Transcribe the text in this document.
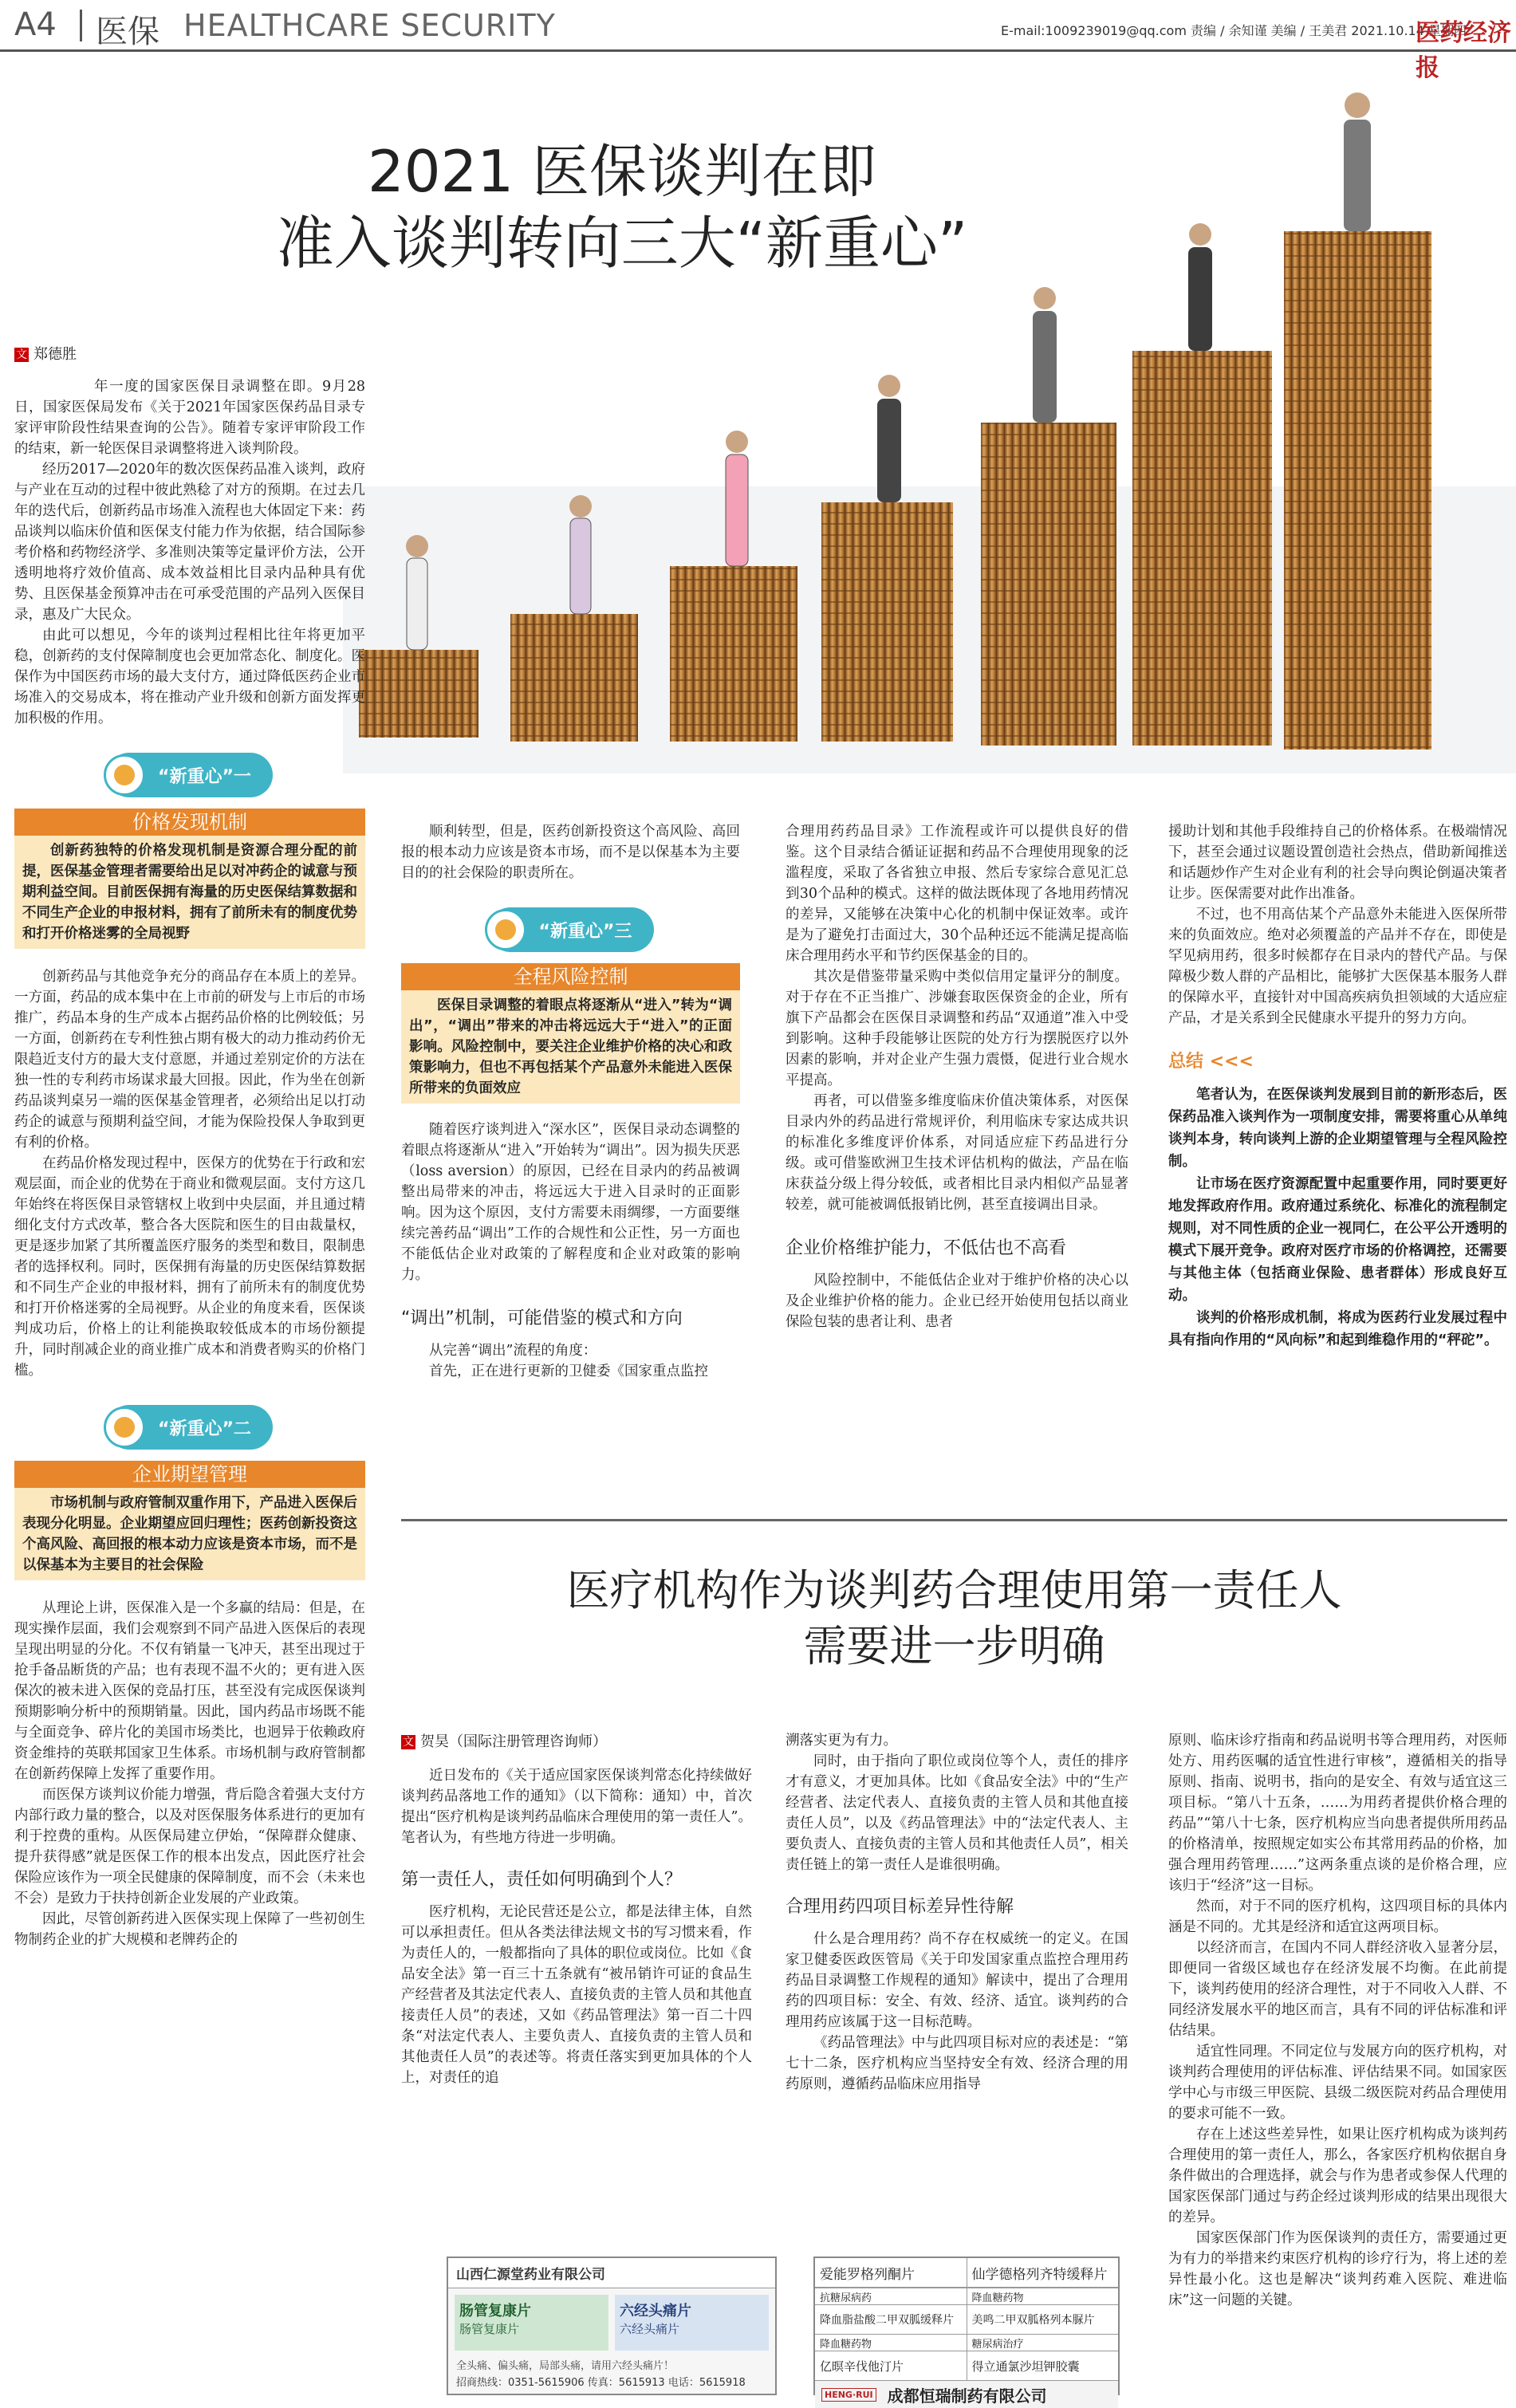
A4 医保 HEALTHCARE SECURITY	E-mail:1009239019@qq.com 责编 / 余知谨 美编 / 王美君 2021.10.14 星期四
医药经济报
2021 医保谈判在即
准入谈判转向三大“新重心”
文 郑德胜

年一度的国家医保目录调整在即。9月28日，国家医保局发布《关于2021年国家医保药品目录专家评审阶段性结果查询的公告》。随着专家评审阶段工作的结束，新一轮医保目录调整将进入谈判阶段。

经历2017—2020年的数次医保药品准入谈判，政府与产业在互动的过程中彼此熟稔了对方的预期。在过去几年的迭代后，创新药品市场准入流程也大体固定下来：药品谈判以临床价值和医保支付能力作为依据，结合国际参考价格和药物经济学、多准则决策等定量评价方法，公开透明地将疗效价值高、成本效益相比目录内品种具有优势、且医保基金预算冲击在可承受范围的产品列入医保目录，惠及广大民众。

由此可以想见，今年的谈判过程相比往年将更加平稳，创新药的支付保障制度也会更加常态化、制度化。医保作为中国医药市场的最大支付方，通过降低医药企业市场准入的交易成本，将在推动产业升级和创新方面发挥更加积极的作用。

“新重心”一
价格发现机制
创新药独特的价格发现机制是资源合理分配的前提，医保基金管理者需要给出足以对冲药企的诚意与预期利益空间。目前医保拥有海量的历史医保结算数据和不同生产企业的申报材料，拥有了前所未有的制度优势和打开价格迷雾的全局视野

创新药品与其他竞争充分的商品存在本质上的差异。一方面，药品的成本集中在上市前的研发与上市后的市场推广，药品本身的生产成本占据药品价格的比例较低；另一方面，创新药在专利性独占期有极大的动力推动药价无限趋近支付方的最大支付意愿，并通过差别定价的方法在独一性的专利药市场谋求最大回报。因此，作为坐在创新药品谈判桌另一端的医保基金管理者，必须给出足以打动药企的诚意与预期利益空间，才能为保险投保人争取到更有利的价格。

在药品价格发现过程中，医保方的优势在于行政和宏观层面，而企业的优势在于商业和微观层面。支付方这几年始终在将医保目录管辖权上收到中央层面，并且通过精细化支付方式改革，整合各大医院和医生的目由裁量权，更是逐步加紧了其所覆盖医疗服务的类型和数目，限制患者的选择权利。同时，医保拥有海量的历史医保结算数据和不同生产企业的申报材料，拥有了前所未有的制度优势和打开价格迷雾的全局视野。从企业的角度来看，医保谈判成功后，价格上的让利能换取较低成本的市场份额提升，同时削减企业的商业推广成本和消费者购买的价格门槛。

“新重心”二
企业期望管理
市场机制与政府管制双重作用下，产品进入医保后表现分化明显。企业期望应回归理性；医药创新投资这个高风险、高回报的根本动力应该是资本市场，而不是以保基本为主要目的社会保险

从理论上讲，医保准入是一个多赢的结局：但是，在现实操作层面，我们会观察到不同产品进入医保后的表现呈现出明显的分化。不仅有销量一飞冲天，甚至出现过于抢手备品断货的产品；也有表现不温不火的；更有进入医保次的被未进入医保的竞品打压，甚至没有完成医保谈判预期影响分析中的预期销量。因此，国内药品市场既不能与全面竞争、碎片化的美国市场类比，也迥异于依赖政府资金维持的英联邦国家卫生体系。市场机制与政府管制都在创新药保障上发挥了重要作用。

而医保方谈判议价能力增强，背后隐含着强大支付方内部行政力量的整合，以及对医保服务体系进行的更加有利于控费的重构。从医保局建立伊始，“保障群众健康、提升获得感”就是医保工作的根本出发点，因此医疗社会保险应该作为一项全民健康的保障制度，而不会（未来也不会）是致力于扶持创新企业发展的产业政策。

因此，尽管创新药进入医保实现上保障了一些初创生物制药企业的扩大规模和老牌药企的

顺利转型，但是，医药创新投资这个高风险、高回报的根本动力应该是资本市场，而不是以保基本为主要目的的社会保险的职责所在。

“新重心”三
全程风险控制
医保目录调整的着眼点将逐渐从“进入”转为“调出”，“调出”带来的冲击将远远大于“进入”的正面影响。风险控制中，要关注企业维护价格的决心和政策影响力，但也不再包括某个产品意外未能进入医保所带来的负面效应

随着医疗谈判进入“深水区”，医保目录动态调整的着眼点将逐渐从“进入”开始转为“调出”。因为损失厌恶（loss aversion）的原因，已经在目录内的药品被调整出局带来的冲击，将远远大于进入目录时的正面影响。因为这个原因，支付方需要未雨绸缪，一方面要继续完善药品“调出”工作的合规性和公正性，另一方面也不能低估企业对政策的了解程度和企业对政策的影响力。

“调出”机制，可能借鉴的模式和方向

从完善“调出”流程的角度：

首先，正在进行更新的卫健委《国家重点监控

合理用药药品目录》工作流程或许可以提供良好的借鉴。这个目录结合循证证据和药品不合理使用现象的泛滥程度，采取了各省独立申报、然后专家综合意见汇总到30个品种的模式。这样的做法既体现了各地用药情况的差异，又能够在决策中心化的机制中保证效率。或许是为了避免打击面过大，30个品种还远不能满足提高临床合理用药水平和节约医保基金的目的。

其次是借鉴带量采购中类似信用定量评分的制度。对于存在不正当推广、涉嫌套取医保资金的企业，所有旗下产品都会在医保目录调整和药品“双通道”准入中受到影响。这种手段能够让医院的处方行为摆脱医疗以外因素的影响，并对企业产生强力震慑，促进行业合规水平提高。

再者，可以借鉴多维度临床价值决策体系，对医保目录内外的药品进行常规评价，利用临床专家达成共识的标准化多维度评价体系，对同适应症下药品进行分级。或可借鉴欧洲卫生技术评估机构的做法，产品在临床获益分级上得分较低，或者相比目录内相似产品显著较差，就可能被调低报销比例，甚至直接调出目录。

企业价格维护能力，不低估也不高看

风险控制中，不能低估企业对于维护价格的决心以及企业维护价格的能力。企业已经开始使用包括以商业保险包装的患者让利、患者

援助计划和其他手段维持自己的价格体系。在极端情况下，甚至会通过议题设置创造社会热点，借助新闻推送和话题炒作产生对企业有利的社会导向舆论倒逼决策者让步。医保需要对此作出准备。

不过，也不用高估某个产品意外未能进入医保所带来的负面效应。绝对必须覆盖的产品并不存在，即使是罕见病用药，很多时候都存在目录内的替代产品。与保障极少数人群的产品相比，能够扩大医保基本服务人群的保障水平，直接针对中国高疾病负担领域的大适应症产品，才是关系到全民健康水平提升的努力方向。

总结 <<<

笔者认为，在医保谈判发展到目前的新形态后，医保药品准入谈判作为一项制度安排，需要将重心从单纯谈判本身，转向谈判上游的企业期望管理与全程风险控制。

让市场在医疗资源配置中起重要作用，同时要更好地发挥政府作用。政府通过系统化、标准化的流程制定规则，对不同性质的企业一视同仁，在公平公开透明的模式下展开竞争。政府对医疗市场的价格调控，还需要与其他主体（包括商业保险、患者群体）形成良好互动。

谈判的价格形成机制，将成为医药行业发展过程中具有指向作用的“风向标”和起到维稳作用的“秤砣”。

医疗机构作为谈判药合理使用第一责任人
需要进一步明确
文 贺昊（国际注册管理咨询师）

近日发布的《关于适应国家医保谈判常态化持续做好谈判药品落地工作的通知》（以下简称：通知）中，首次提出“医疗机构是谈判药品临床合理使用的第一责任人”。笔者认为，有些地方待进一步明确。

第一责任人，责任如何明确到个人？

医疗机构，无论民营还是公立，都是法律主体，自然可以承担责任。但从各类法律法规文书的写习惯来看，作为责任人的，一般都指向了具体的职位或岗位。比如《食品安全法》第一百三十五条就有“被吊销许可证的食品生产经营者及其法定代表人、直接负责的主管人员和其他直接责任人员”的表述，又如《药品管理法》第一百二十四条“对法定代表人、主要负责人、直接负责的主管人员和其他责任人员”的表述等。将责任落实到更加具体的个人上，对责任的追

溯落实更为有力。

同时，由于指向了职位或岗位等个人，责任的排序才有意义，才更加具体。比如《食品安全法》中的“生产经营者、法定代表人、直接负责的主管人员和其他直接责任人员”，以及《药品管理法》中的“法定代表人、主要负责人、直接负责的主管人员和其他责任人员”，相关责任链上的第一责任人是谁很明确。

合理用药四项目标差异性待解

什么是合理用药？尚不存在权威统一的定义。在国家卫健委医政医管局《关于印发国家重点监控合理用药药品目录调整工作规程的通知》解读中，提出了合理用药的四项目标：安全、有效、经济、适宜。谈判药的合理用药应该属于这一目标范畴。

《药品管理法》中与此四项目标对应的表述是：“第七十二条，医疗机构应当坚持安全有效、经济合理的用药原则，遵循药品临床应用指导

原则、临床诊疗指南和药品说明书等合理用药，对医师处方、用药医嘱的适宜性进行审核”，遵循相关的指导原则、指南、说明书，指向的是安全、有效与适宜这三项目标。“第八十五条，……为用药者提供价格合理的药品”“第八十七条，医疗机构应当向患者提供所用药品的价格清单，按照规定如实公布其常用药品的价格，加强合理用药管理……”这两条重点谈的是价格合理，应该归于“经济”这一目标。

然而，对于不同的医疗机构，这四项目标的具体内涵是不同的。尤其是经济和适宜这两项目标。

以经济而言，在国内不同人群经济收入显著分层，即便同一省级区域也存在经济发展不均衡。在此前提下，谈判药使用的经济合理性，对于不同收入人群、不同经济发展水平的地区而言，具有不同的评估标准和评估结果。

适宜性同理。不同定位与发展方向的医疗机构，对谈判药合理使用的评估标准、评估结果不同。如国家医学中心与市级三甲医院、县级二级医院对药品合理使用的要求可能不一致。

存在上述这些差异性，如果让医疗机构成为谈判药合理使用的第一责任人，那么，各家医疗机构依据自身条件做出的合理选择，就会与作为患者或参保人代理的国家医保部门通过与药企经过谈判形成的结果出现很大的差异。

国家医保部门作为医保谈判的责任方，需要通过更为有力的举措来约束医疗机构的诊疗行为，将上述的差异性最小化。这也是解决“谈判药难入医院、难进临床”这一问题的关键。

山西仁源堂药业有限公司
肠管复康片
肠管复康片
六经头痛片
六经头痛片
全头痛、偏头痛，局部头痛，请用六经头痛片！
招商热线：0351-5615906 传真：5615913 电话：5615918
爱能罗格列酮片	仙学德格列齐特缓释片
抗糖尿病药	降血糖药物
降血脂盐酸二甲双胍缓释片	美鸣二甲双胍格列本脲片
降血糖药物	糖尿病治疗
亿暝辛伐他汀片	得立通氯沙坦钾胶囊
HENG·RUI 成都恒瑞制药有限公司
